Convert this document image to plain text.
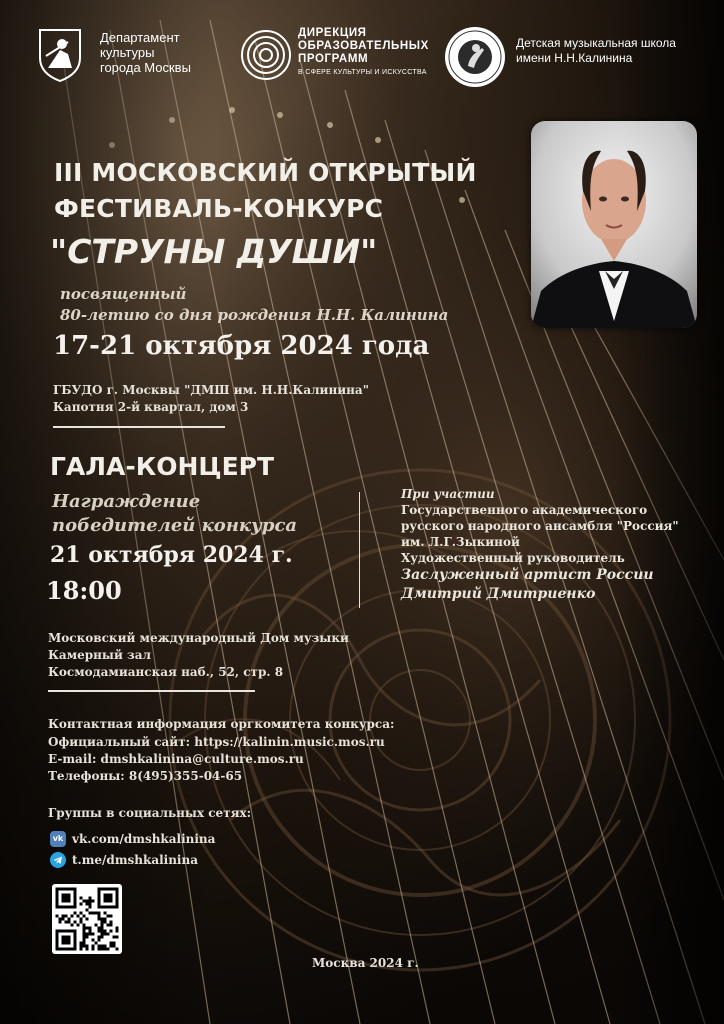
Департамент
культуры
города Москвы
ДИРЕКЦИЯ
ОБРАЗОВАТЕЛЬНЫХ
ПРОГРАММ
В СФЕРЕ КУЛЬТУРЫ И ИСКУССТВА
Детская музыкальная школа
имени Н.Н.Калинина
III МОСКОВСКИЙ ОТКРЫТЫЙ
ФЕСТИВАЛЬ-КОНКУРС
"СТРУНЫ ДУШИ"
посвященный
80-летию со дня рождения Н.Н. Калинина
17-21 октября 2024 года
ГБУДО г. Москвы "ДМШ им. Н.Н.Калинина"
Капотня 2-й квартал, дом 3
ГАЛА-КОНЦЕРТ
Награждение
победителей конкурса
21 октября 2024 г.
18:00
При участии
Государственного академического
русского народного ансамбля "Россия"
им. Л.Г.Зыкиной
Художественный руководитель
Заслуженный артист России
Дмитрий Дмитриенко
Московский международный Дом музыки
Камерный зал
Космодамианская наб., 52, стр. 8
Контактная информация оргкомитета конкурса:
Официальный сайт: https://kalinin.music.mos.ru
E-mail: dmshkalinina@culture.mos.ru
Телефоны: 8(495)355-04-65
Группы в социальных сетях:
vk vk.com/dmshkalinina
t.me/dmshkalinina
Москва 2024 г.
